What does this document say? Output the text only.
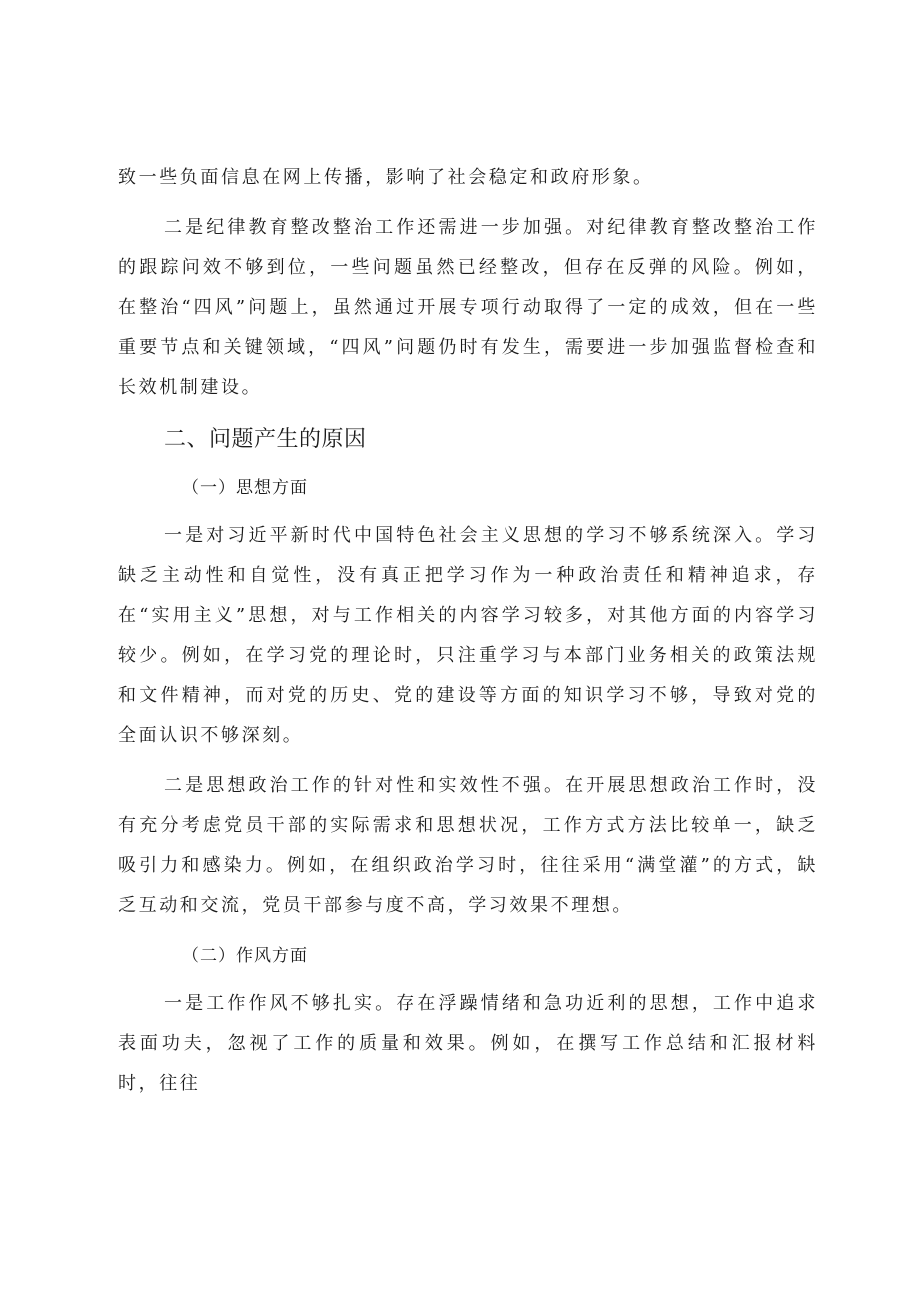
致一些负面信息在网上传播，影响了社会稳定和政府形象。

二是纪律教育整改整治工作还需进一步加强。对纪律教育整改整治工作的跟踪问效不够到位，一些问题虽然已经整改，但存在反弹的风险。例如，在整治“四风”问题上，虽然通过开展专项行动取得了一定的成效，但在一些重要节点和关键领域，“四风”问题仍时有发生，需要进一步加强监督检查和长效机制建设。

二、问题产生的原因
（一）思想方面

一是对习近平新时代中国特色社会主义思想的学习不够系统深入。学习缺乏主动性和自觉性，没有真正把学习作为一种政治责任和精神追求，存在“实用主义”思想，对与工作相关的内容学习较多，对其他方面的内容学习较少。例如，在学习党的理论时，只注重学习与本部门业务相关的政策法规和文件精神，而对党的历史、党的建设等方面的知识学习不够，导致对党的全面认识不够深刻。

二是思想政治工作的针对性和实效性不强。在开展思想政治工作时，没有充分考虑党员干部的实际需求和思想状况，工作方式方法比较单一，缺乏吸引力和感染力。例如，在组织政治学习时，往往采用“满堂灌”的方式，缺乏互动和交流，党员干部参与度不高，学习效果不理想。

（二）作风方面

一是工作作风不够扎实。存在浮躁情绪和急功近利的思想，工作中追求表面功夫，忽视了工作的质量和效果。例如，在撰写工作总结和汇报材料时，往往
